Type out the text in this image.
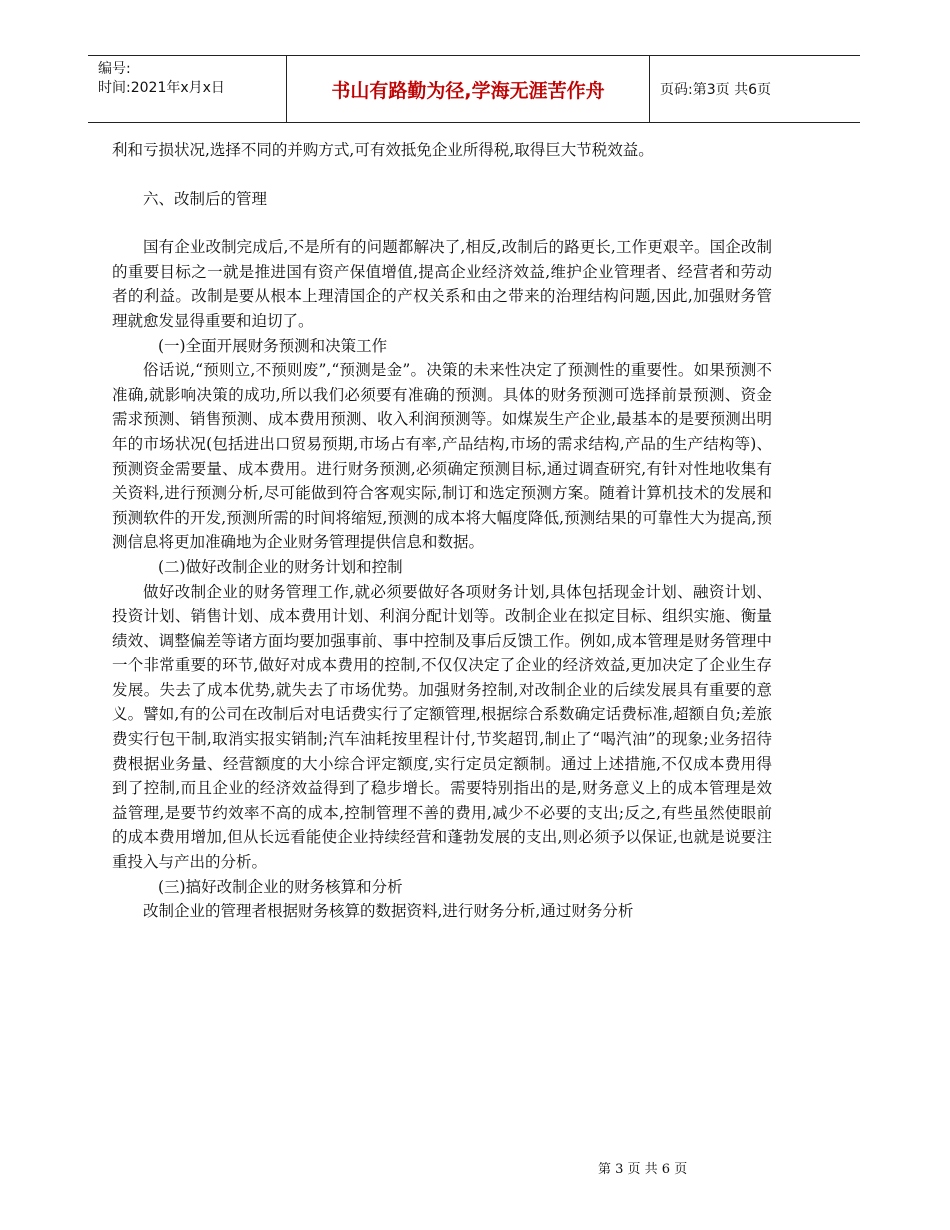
编号:
时间:2021年x月x日	书山有路勤为径,学海无涯苦作舟	页码:第3页 共6页

利和亏损状况,选择不同的并购方式,可有效抵免企业所得税,取得巨大节税效益。

六、改制后的管理

国有企业改制完成后,不是所有的问题都解决了,相反,改制后的路更长,工作更艰辛。国企改制的重要目标之一就是推进国有资产保值增值,提高企业经济效益,维护企业管理者、经营者和劳动者的利益。改制是要从根本上理清国企的产权关系和由之带来的治理结构问题,因此,加强财务管理就愈发显得重要和迫切了。

(一)全面开展财务预测和决策工作

俗话说,“预则立,不预则废”,“预测是金”。决策的未来性决定了预测性的重要性。如果预测不准确,就影响决策的成功,所以我们必须要有准确的预测。具体的财务预测可选择前景预测、资金需求预测、销售预测、成本费用预测、收入利润预测等。如煤炭生产企业,最基本的是要预测出明年的市场状况(包括进出口贸易预期,市场占有率,产品结构,市场的需求结构,产品的生产结构等)、预测资金需要量、成本费用。进行财务预测,必须确定预测目标,通过调查研究,有针对性地收集有关资料,进行预测分析,尽可能做到符合客观实际,制订和选定预测方案。随着计算机技术的发展和预测软件的开发,预测所需的时间将缩短,预测的成本将大幅度降低,预测结果的可靠性大为提高,预测信息将更加准确地为企业财务管理提供信息和数据。

(二)做好改制企业的财务计划和控制

做好改制企业的财务管理工作,就必须要做好各项财务计划,具体包括现金计划、融资计划、投资计划、销售计划、成本费用计划、利润分配计划等。改制企业在拟定目标、组织实施、衡量绩效、调整偏差等诸方面均要加强事前、事中控制及事后反馈工作。例如,成本管理是财务管理中一个非常重要的环节,做好对成本费用的控制,不仅仅决定了企业的经济效益,更加决定了企业生存发展。失去了成本优势,就失去了市场优势。加强财务控制,对改制企业的后续发展具有重要的意义。譬如,有的公司在改制后对电话费实行了定额管理,根据综合系数确定话费标准,超额自负;差旅费实行包干制,取消实报实销制;汽车油耗按里程计付,节奖超罚,制止了“喝汽油”的现象;业务招待费根据业务量、经营额度的大小综合评定额度,实行定员定额制。通过上述措施,不仅成本费用得到了控制,而且企业的经济效益得到了稳步增长。需要特别指出的是,财务意义上的成本管理是效益管理,是要节约效率不高的成本,控制管理不善的费用,减少不必要的支出;反之,有些虽然使眼前的成本费用增加,但从长远看能使企业持续经营和蓬勃发展的支出,则必须予以保证,也就是说要注重投入与产出的分析。

(三)搞好改制企业的财务核算和分析

改制企业的管理者根据财务核算的数据资料,进行财务分析,通过财务分析

第 3 页 共 6 页
